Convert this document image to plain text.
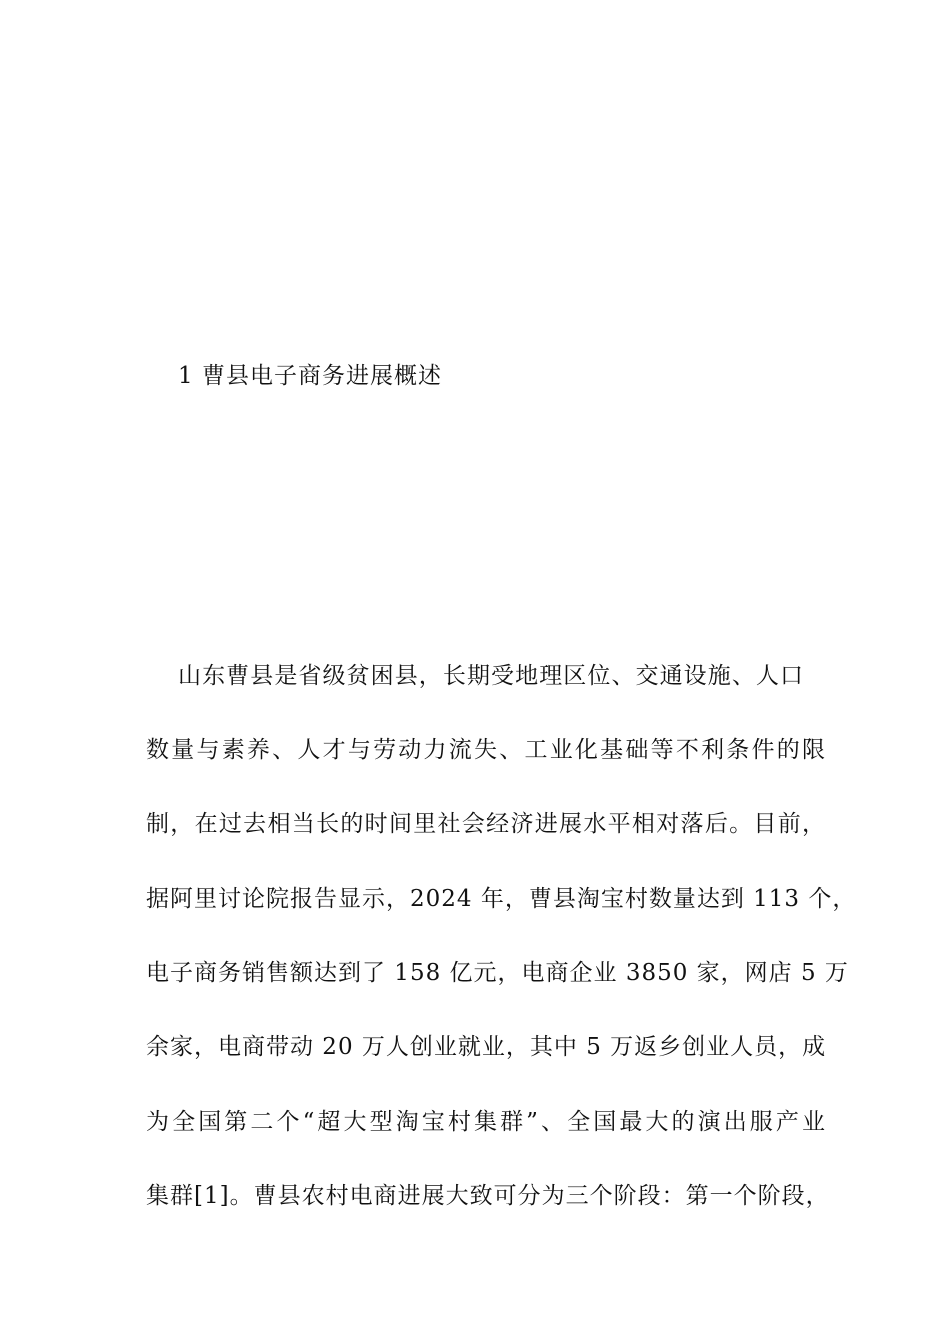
1 曹县电子商务进展概述
山东曹县是省级贫困县，长期受地理区位、交通设施、人口
数量与素养、人才与劳动力流失、工业化基础等不利条件的限
制，在过去相当长的时间里社会经济进展水平相对落后。目前，
据阿里讨论院报告显示，2024 年，曹县淘宝村数量达到 113 个，
电子商务销售额达到了 158 亿元，电商企业 3850 家，网店 5 万
余家，电商带动 20 万人创业就业，其中 5 万返乡创业人员，成
为全国第二个“超大型淘宝村集群”、全国最大的演出服产业
集群[1]。曹县农村电商进展大致可分为三个阶段：第一个阶段，
